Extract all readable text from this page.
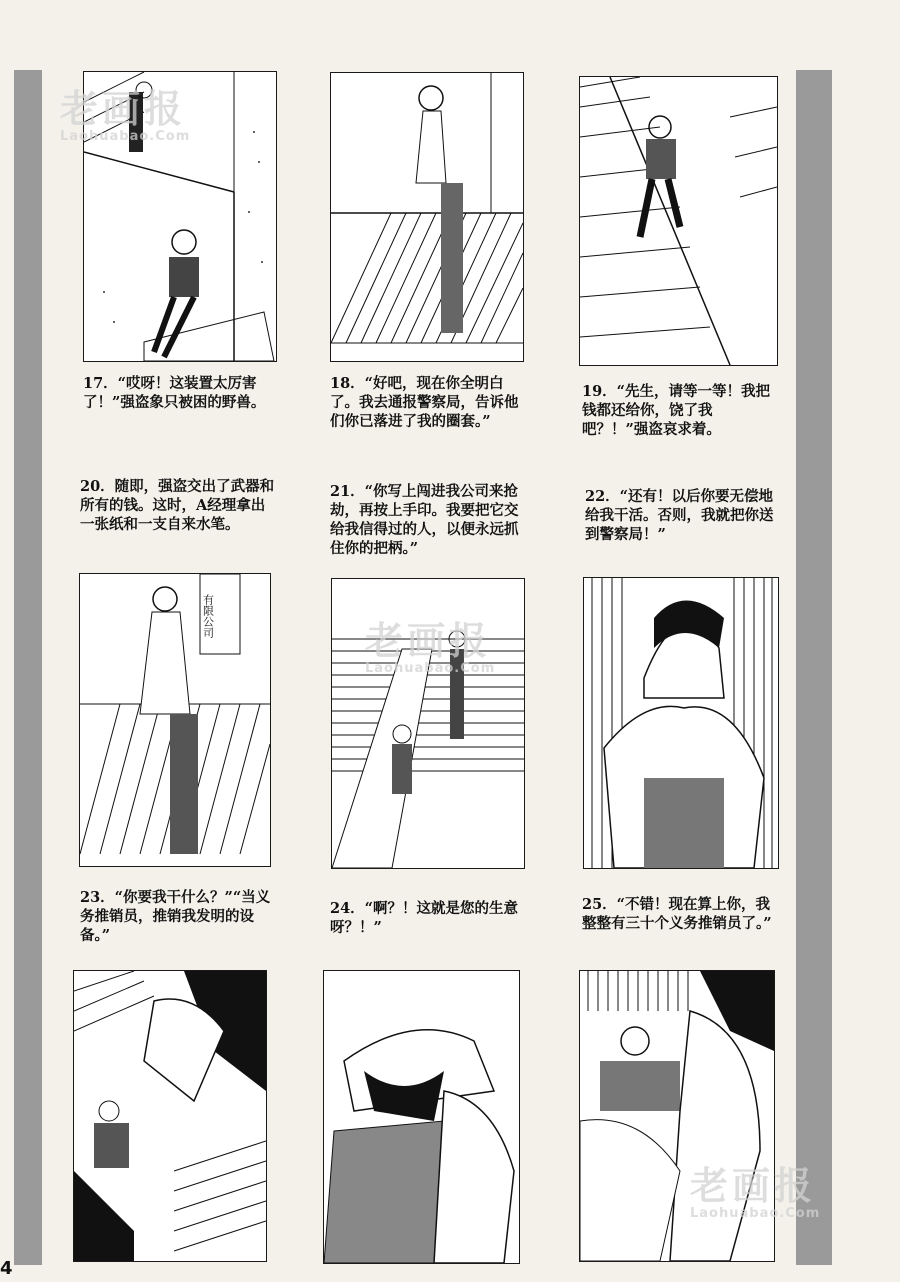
17．“哎呀！这装置太厉害了！”强盗象只被困的野兽。
18．“好吧，现在你全明白了。我去通报警察局，告诉他们你已落进了我的圈套。”
19．“先生，请等一等！我把钱都还给你，饶了我吧？！”强盗哀求着。
20．随即，强盗交出了武器和所有的钱。这时，A经理拿出一张纸和一支自来水笔。
21．“你写上闯进我公司来抢劫，再按上手印。我要把它交给我信得过的人，以便永远抓住你的把柄。”
22．“还有！以后你要无偿地给我干活。否则，我就把你送到警察局！”
有限公司
23．“你要我干什么？”“当义务推销员，推销我发明的设备。”
24．“啊？！这就是您的生意呀？！”
25．“不错！现在算上你，我整整有三十个义务推销员了。”
老画报
Laohuabao.Com
老画报
Laohuabao.Com
老画报
Laohuabao.Com
4
